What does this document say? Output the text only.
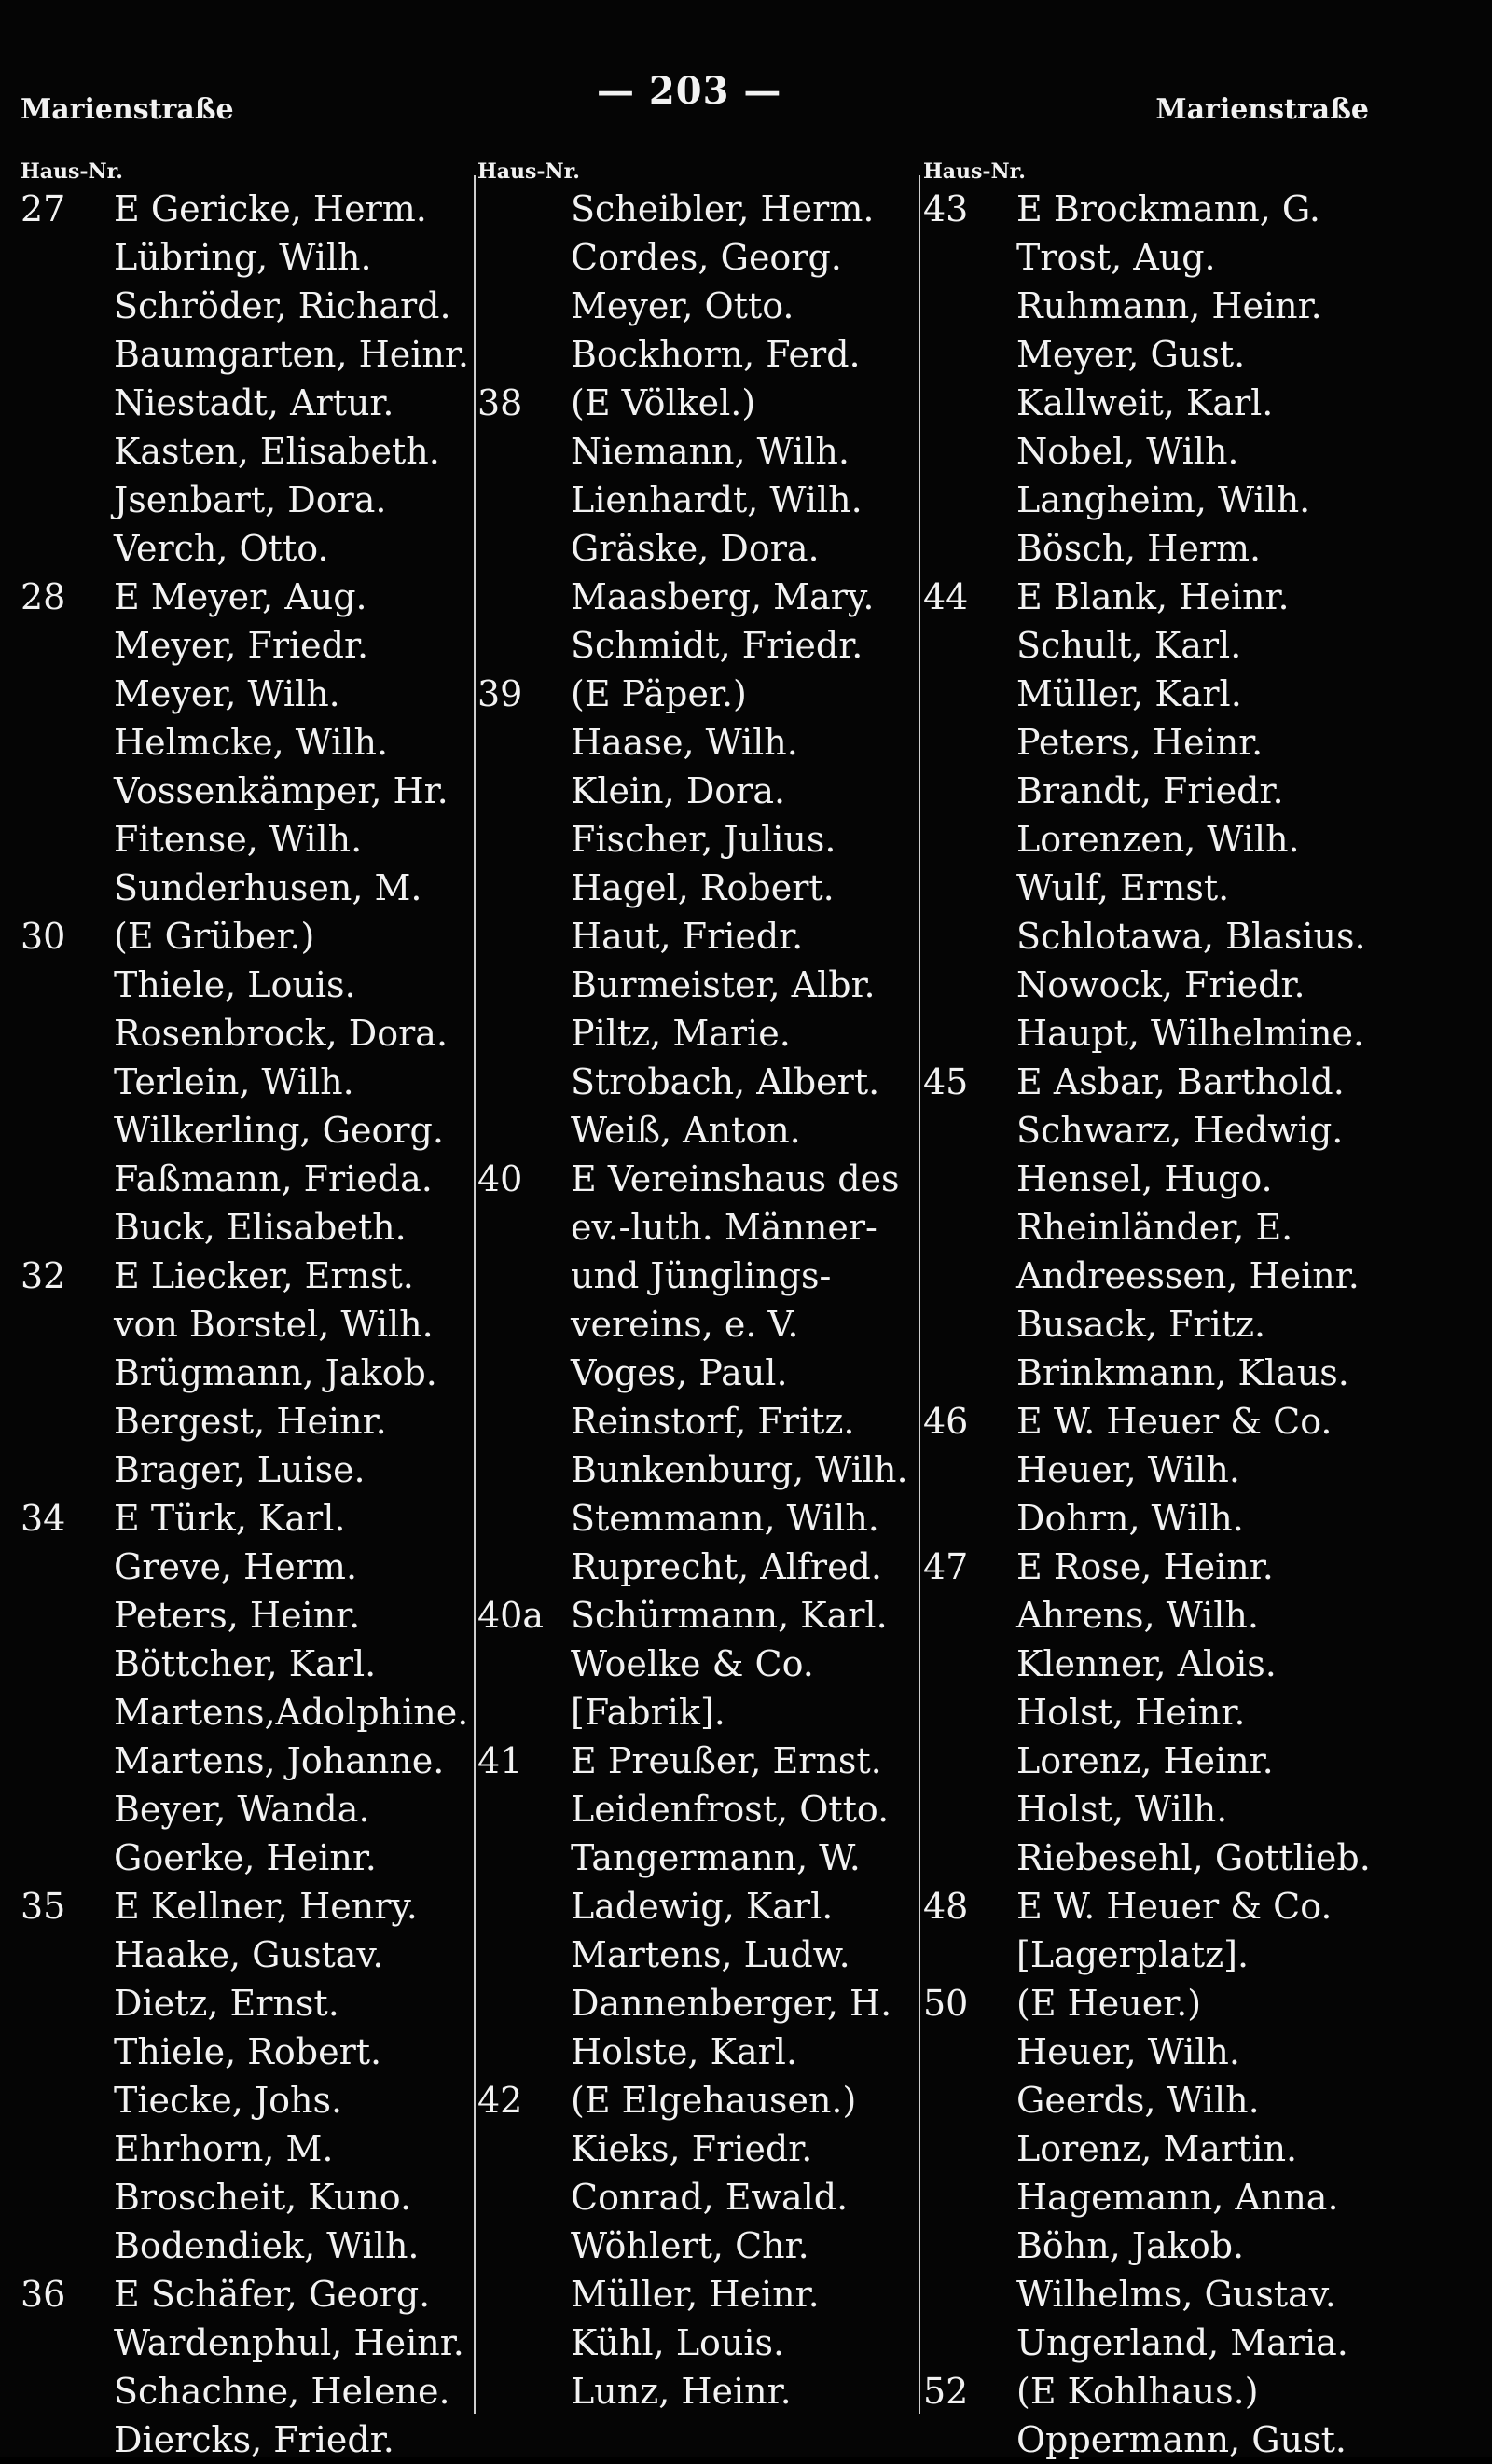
Marienstraße	— 203 —	Marienstraße
Haus-Nr.
27	E Gericke, Herm.
Lübring, Wilh.
Schröder, Richard.
Baumgarten, Heinr.
Niestadt, Artur.
Kasten, Elisabeth.
Jsenbart, Dora.
Verch, Otto.
28	E Meyer, Aug.
Meyer, Friedr.
Meyer, Wilh.
Helmcke, Wilh.
Vossenkämper, Hr.
Fitense, Wilh.
Sunderhusen, M.
30	(E Grüber.)
Thiele, Louis.
Rosenbrock, Dora.
Terlein, Wilh.
Wilkerling, Georg.
Faßmann, Frieda.
Buck, Elisabeth.
32	E Liecker, Ernst.
von Borstel, Wilh.
Brügmann, Jakob.
Bergest, Heinr.
Brager, Luise.
34	E Türk, Karl.
Greve, Herm.
Peters, Heinr.
Böttcher, Karl.
Martens,Adolphine.
Martens, Johanne.
Beyer, Wanda.
Goerke, Heinr.
35	E Kellner, Henry.
Haake, Gustav.
Dietz, Ernst.
Thiele, Robert.
Tiecke, Johs.
Ehrhorn, M.
Broscheit, Kuno.
Bodendiek, Wilh.
36	E Schäfer, Georg.
Wardenphul, Heinr.
Schachne, Helene.
Diercks, Friedr.
Haus-Nr.
Scheibler, Herm.
Cordes, Georg.
Meyer, Otto.
Bockhorn, Ferd.
38	(E Völkel.)
Niemann, Wilh.
Lienhardt, Wilh.
Gräske, Dora.
Maasberg, Mary.
Schmidt, Friedr.
39	(E Päper.)
Haase, Wilh.
Klein, Dora.
Fischer, Julius.
Hagel, Robert.
Haut, Friedr.
Burmeister, Albr.
Piltz, Marie.
Strobach, Albert.
Weiß, Anton.
40	E Vereinshaus des
ev.-luth. Männer-
und Jünglings-
vereins, e. V.
Voges, Paul.
Reinstorf, Fritz.
Bunkenburg, Wilh.
Stemmann, Wilh.
Ruprecht, Alfred.
40a Schürmann, Karl.
Woelke & Co.
[Fabrik].
41	E Preußer, Ernst.
Leidenfrost, Otto.
Tangermann, W.
Ladewig, Karl.
Martens, Ludw.
Dannenberger, H.
Holste, Karl.
42	(E Elgehausen.)
Kieks, Friedr.
Conrad, Ewald.
Wöhlert, Chr.
Müller, Heinr.
Kühl, Louis.
Lunz, Heinr.
Haus-Nr.
43	E Brockmann, G.
Trost, Aug.
Ruhmann, Heinr.
Meyer, Gust.
Kallweit, Karl.
Nobel, Wilh.
Langheim, Wilh.
Bösch, Herm.
44	E Blank, Heinr.
Schult, Karl.
Müller, Karl.
Peters, Heinr.
Brandt, Friedr.
Lorenzen, Wilh.
Wulf, Ernst.
Schlotawa, Blasius.
Nowock, Friedr.
Haupt, Wilhelmine.
45	E Asbar, Barthold.
Schwarz, Hedwig.
Hensel, Hugo.
Rheinländer, E.
Andreessen, Heinr.
Busack, Fritz.
Brinkmann, Klaus.
46	E W. Heuer & Co.
Heuer, Wilh.
Dohrn, Wilh.
47	E Rose, Heinr.
Ahrens, Wilh.
Klenner, Alois.
Holst, Heinr.
Lorenz, Heinr.
Holst, Wilh.
Riebesehl, Gottlieb.
48	E W. Heuer & Co.
[Lagerplatz].
50	(E Heuer.)
Heuer, Wilh.
Geerds, Wilh.
Lorenz, Martin.
Hagemann, Anna.
Böhn, Jakob.
Wilhelms, Gustav.
Ungerland, Maria.
52	(E Kohlhaus.)
Oppermann, Gust.
